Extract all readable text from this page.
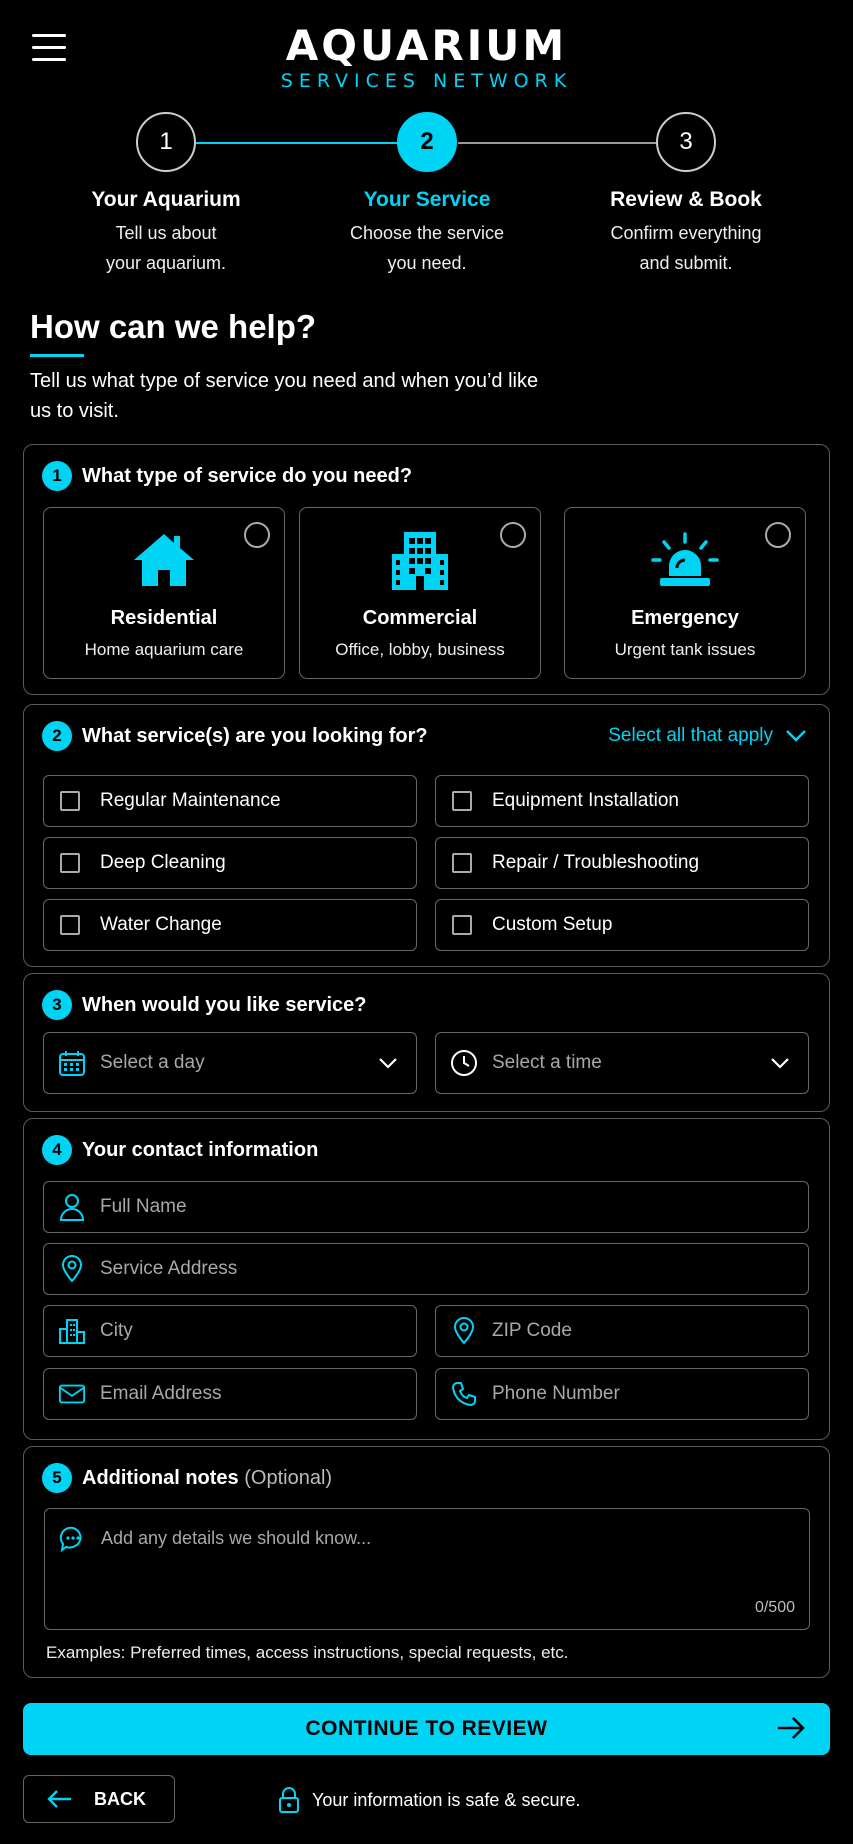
AQUARIUM
SERVICES NETWORK
1
Your Aquarium
Tell us about
your aquarium.
2
Your Service
Choose the service
you need.
3
Review & Book
Confirm everything
and submit.
How can we help?
Tell us what type of service you need and when you’d like us to visit.
1	What type of service do you need?
Residential
Home aquarium care
Commercial
Office, lobby, business
Emergency
Urgent tank issues
2	What service(s) are you looking for?	Select all that apply
Regular Maintenance	Equipment Installation
Deep Cleaning	Repair / Troubleshooting
Water Change	Custom Setup
3	When would you like service?
Select a day	Select a time
4	Your contact information
Full Name
Service Address
City	ZIP Code
Email Address	Phone Number
5	Additional notes (Optional)
Add any details we should know...
0/500
Examples: Preferred times, access instructions, special requests, etc.
CONTINUE TO REVIEW
BACK	Your information is safe & secure.
